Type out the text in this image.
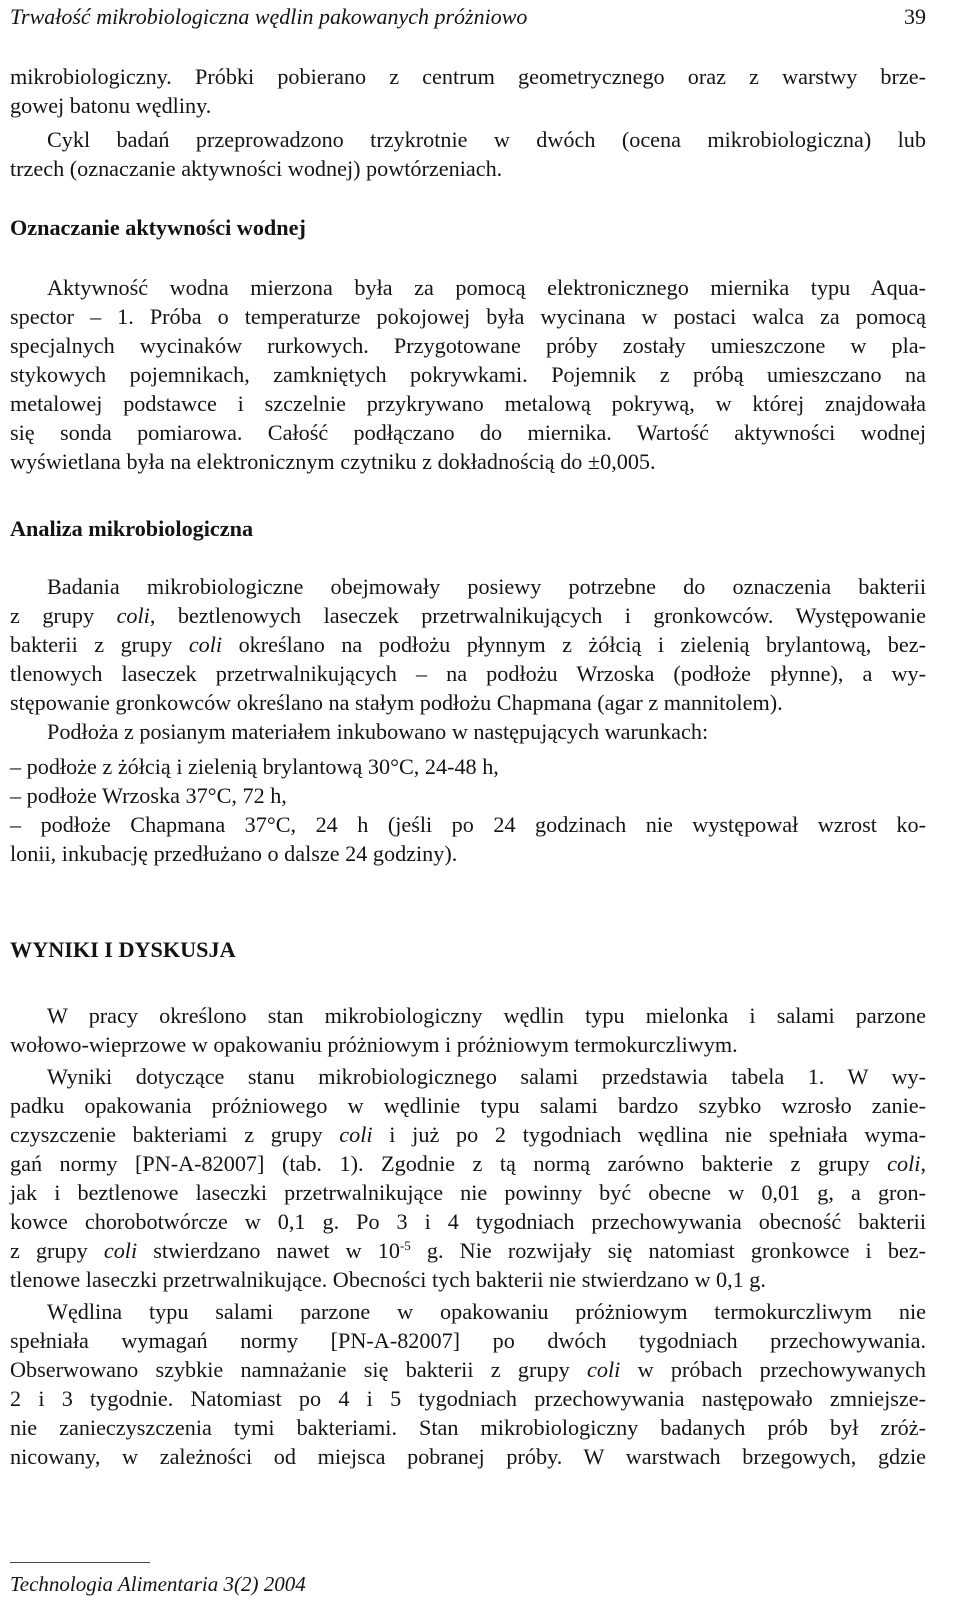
Trwałość mikrobiologiczna wędlin pakowanych próżniowo	39
mikrobiologiczny. Próbki pobierano z centrum geometrycznego oraz z warstwy brze-
gowej batonu wędliny.
Cykl badań przeprowadzono trzykrotnie w dwóch (ocena mikrobiologiczna) lub
trzech (oznaczanie aktywności wodnej) powtórzeniach.
Oznaczanie aktywności wodnej
Aktywność wodna mierzona była za pomocą elektronicznego miernika typu Aqua-
spector – 1. Próba o temperaturze pokojowej była wycinana w postaci walca za pomocą
specjalnych wycinaków rurkowych. Przygotowane próby zostały umieszczone w pla-
stykowych pojemnikach, zamkniętych pokrywkami. Pojemnik z próbą umieszczano na
metalowej podstawce i szczelnie przykrywano metalową pokrywą, w której znajdowała
się sonda pomiarowa. Całość podłączano do miernika. Wartość aktywności wodnej
wyświetlana była na elektronicznym czytniku z dokładnością do ±0,005.
Analiza mikrobiologiczna
Badania mikrobiologiczne obejmowały posiewy potrzebne do oznaczenia bakterii
z grupy coli, beztlenowych laseczek przetrwalnikujących i gronkowców. Występowanie
bakterii z grupy coli określano na podłożu płynnym z żółcią i zielenią brylantową, bez-
tlenowych laseczek przetrwalnikujących – na podłożu Wrzoska (podłoże płynne), a wy-
stępowanie gronkowców określano na stałym podłożu Chapmana (agar z mannitolem).
Podłoża z posianym materiałem inkubowano w następujących warunkach:
– podłoże z żółcią i zielenią brylantową 30°C, 24-48 h,
– podłoże Wrzoska 37°C, 72 h,
– podłoże Chapmana 37°C, 24 h (jeśli po 24 godzinach nie występował wzrost ko-
lonii, inkubację przedłużano o dalsze 24 godziny).
WYNIKI I DYSKUSJA
W pracy określono stan mikrobiologiczny wędlin typu mielonka i salami parzone
wołowo-wieprzowe w opakowaniu próżniowym i próżniowym termokurczliwym.
Wyniki dotyczące stanu mikrobiologicznego salami przedstawia tabela 1. W wy-
padku opakowania próżniowego w wędlinie typu salami bardzo szybko wzrosło zanie-
czyszczenie bakteriami z grupy coli i już po 2 tygodniach wędlina nie spełniała wyma-
gań normy [PN-A-82007] (tab. 1). Zgodnie z tą normą zarówno bakterie z grupy coli,
jak i beztlenowe laseczki przetrwalnikujące nie powinny być obecne w 0,01 g, a gron-
kowce chorobotwórcze w 0,1 g. Po 3 i 4 tygodniach przechowywania obecność bakterii
z grupy coli stwierdzano nawet w $10^{-5}$ g. Nie rozwijały się natomiast gronkowce i bez-
tlenowe laseczki przetrwalnikujące. Obecności tych bakterii nie stwierdzano w 0,1 g.
Wędlina typu salami parzone w opakowaniu próżniowym termokurczliwym nie
spełniała wymagań normy [PN-A-82007] po dwóch tygodniach przechowywania.
Obserwowano szybkie namnażanie się bakterii z grupy coli w próbach przechowywanych
2 i 3 tygodnie. Natomiast po 4 i 5 tygodniach przechowywania następowało zmniejsze-
nie zanieczyszczenia tymi bakteriami. Stan mikrobiologiczny badanych prób był zróż-
nicowany, w zależności od miejsca pobranej próby. W warstwach brzegowych, gdzie
Technologia Alimentaria 3(2) 2004
